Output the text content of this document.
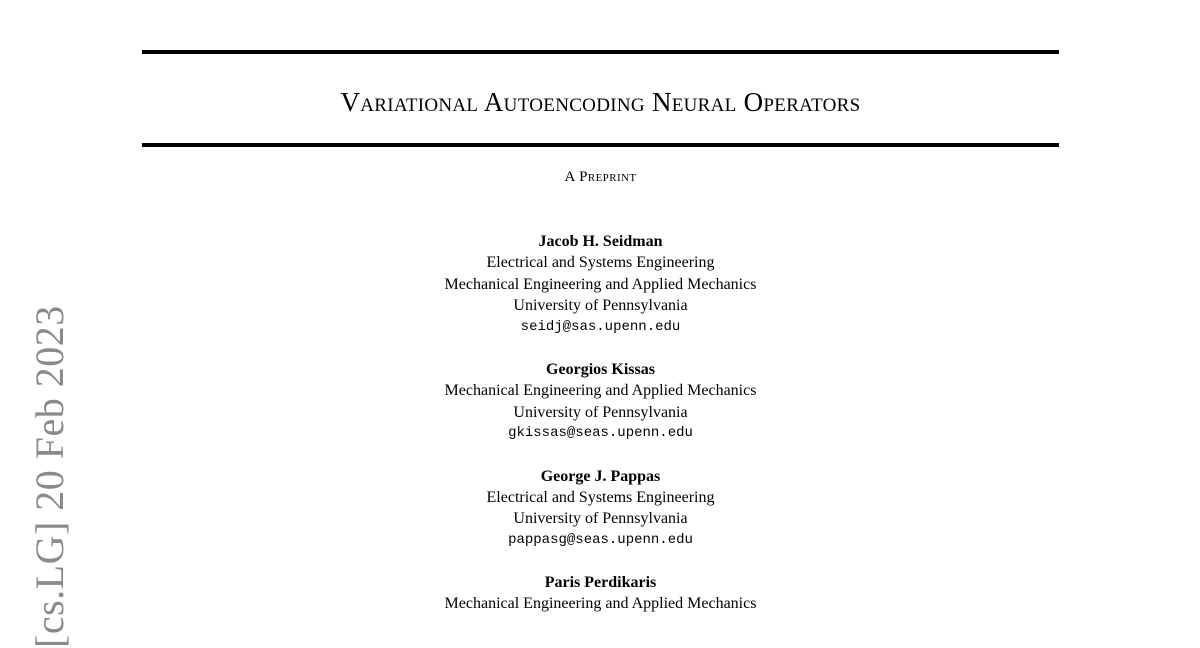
[cs.LG] 20 Feb 2023
Variational Autoencoding Neural Operators
A Preprint
Jacob H. Seidman
Electrical and Systems Engineering
Mechanical Engineering and Applied Mechanics
University of Pennsylvania
seidj@sas.upenn.edu
Georgios Kissas
Mechanical Engineering and Applied Mechanics
University of Pennsylvania
gkissas@seas.upenn.edu
George J. Pappas
Electrical and Systems Engineering
University of Pennsylvania
pappasg@seas.upenn.edu
Paris Perdikaris
Mechanical Engineering and Applied Mechanics
